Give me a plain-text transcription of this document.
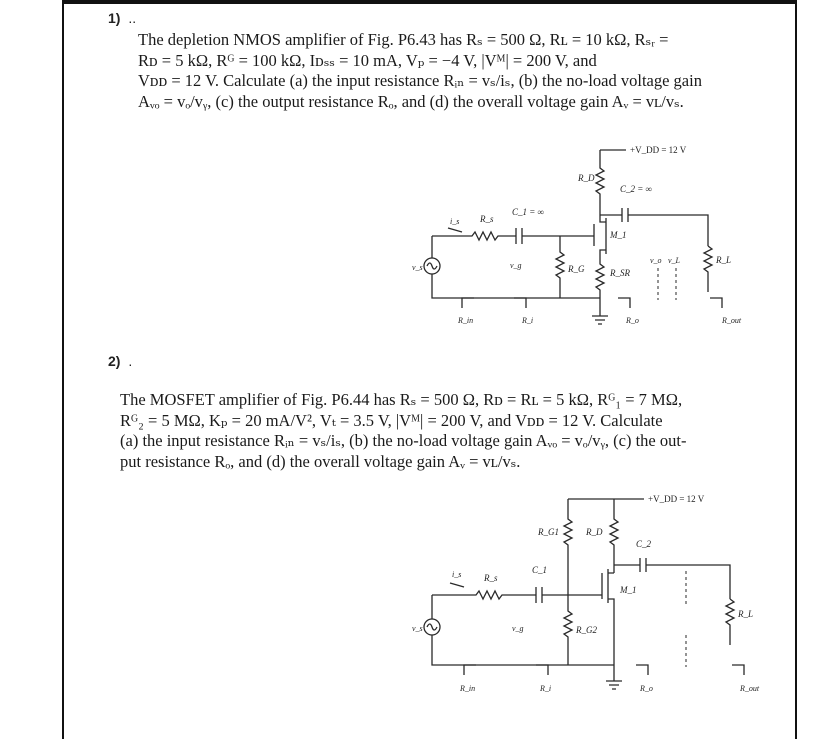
1) ..

The depletion NMOS amplifier of Fig. P6.43 has Rₛ = 500 Ω, Rʟ = 10 kΩ, Rₛᵣ =
Rᴅ = 5 kΩ, Rᴳ = 100 kΩ, Iᴅₛₛ = 10 mA, Vₚ = −4 V, |Vᴹ| = 200 V, and
Vᴅᴅ = 12 V. Calculate (a) the input resistance Rᵢₙ = vₛ/iₛ, (b) the no-load voltage gain
Aᵥₒ = vₒ/vᵧ, (c) the output resistance Rₒ, and (d) the overall voltage gain Aᵥ = vʟ/vₛ.

+V_DD = 12 V
R_D
C_2 = ∞
R_L
v_o v_L
M_1
R_SR
R_G
C_1 = ∞
R_s
i_s
v_s	v_g
R_in	R_i	R_o	R_out
2) .

The MOSFET amplifier of Fig. P6.44 has Rₛ = 500 Ω, Rᴅ = Rʟ = 5 kΩ, Rᴳ₁ = 7 MΩ,
Rᴳ₂ = 5 MΩ, Kₚ = 20 mA/V², Vₜ = 3.5 V, |Vᴹ| = 200 V, and Vᴅᴅ = 12 V. Calculate
(a) the input resistance Rᵢₙ = vₛ/iₛ, (b) the no-load voltage gain Aᵥₒ = vₒ/vᵧ, (c) the out-
put resistance Rₒ, and (d) the overall voltage gain Aᵥ = vʟ/vₛ.

+V_DD = 12 V
R_G1	R_D
C_2
R_L
M_1
R_G2
C_1
R_s
i_s
v_s	v_g
R_in	R_i	R_o	R_out
